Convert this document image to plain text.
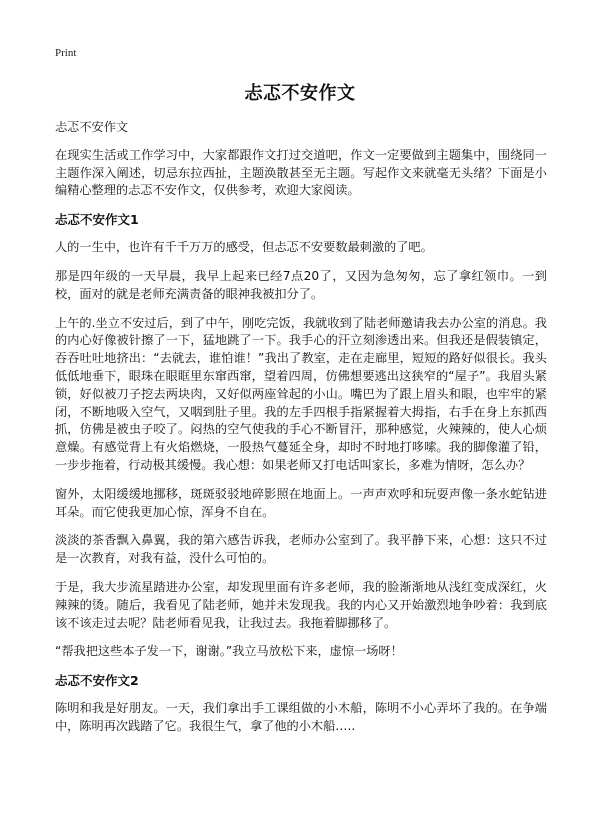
Print
忐忑不安作文

忐忑不安作文

在现实生活或工作学习中，大家都跟作文打过交道吧，作文一定要做到主题集中，围绕同一主题作深入阐述，切忌东拉西扯，主题涣散甚至无主题。写起作文来就毫无头绪？下面是小编精心整理的忐忑不安作文，仅供参考，欢迎大家阅读。

忐忑不安作文1

人的一生中，也许有千千万万的感受，但忐忑不安要数最刺激的了吧。

那是四年级的一天早晨，我早上起来已经7点20了，又因为急匆匆，忘了拿红领巾。一到校，面对的就是老师充满责备的眼神我被扣分了。

上午的.坐立不安过后，到了中午，刚吃完饭，我就收到了陆老师邀请我去办公室的消息。我的内心好像被针擦了一下，猛地跳了一下。我手心的汗立刻渗透出来。但我还是假装镇定，吞吞吐吐地挤出：“去就去，谁怕谁！”我出了教室，走在走廊里，短短的路好似很长。我头低低地垂下，眼珠在眼眶里东窜西窜，望着四周，仿佛想要逃出这狭窄的“屋子”。我眉头紧锁，好似被刀子挖去两块肉，又好似两座耸起的小山。嘴巴为了跟上眉头和眼，也牢牢的紧闭，不断地吸入空气，又咽到肚子里。我的左手四根手指紧握着大拇指，右手在身上东抓西抓，仿佛是被虫子咬了。闷热的空气使我的手心不断冒汗，那种感觉，火辣辣的，使人心烦意燥。有感觉背上有火焰燃烧，一股热气蔓延全身，却时不时地打哆嗦。我的脚像灌了铅，一步步拖着，行动极其缓慢。我心想：如果老师又打电话叫家长，多难为情呀，怎么办？

窗外，太阳缓缓地挪移，斑斑驳驳地碎影照在地面上。一声声欢呼和玩耍声像一条水蛇钻进耳朵。而它使我更加心惊，浑身不自在。

淡淡的茶香飘入鼻翼，我的第六感告诉我，老师办公室到了。我平静下来，心想：这只不过是一次教育，对我有益，没什么可怕的。

于是，我大步流星踏进办公室，却发现里面有许多老师，我的脸渐渐地从浅红变成深红，火辣辣的烫。随后，我看见了陆老师，她并未发现我。我的内心又开始激烈地争吵着：我到底该不该走过去呢？陆老师看见我，让我过去。我拖着脚挪移了。

“帮我把这些本子发一下，谢谢。”我立马放松下来，虚惊一场呀！

忐忑不安作文2

陈明和我是好朋友。一天，我们拿出手工课组做的小木船，陈明不小心弄坏了我的。在争端中，陈明再次践踏了它。我很生气，拿了他的小木船…..
